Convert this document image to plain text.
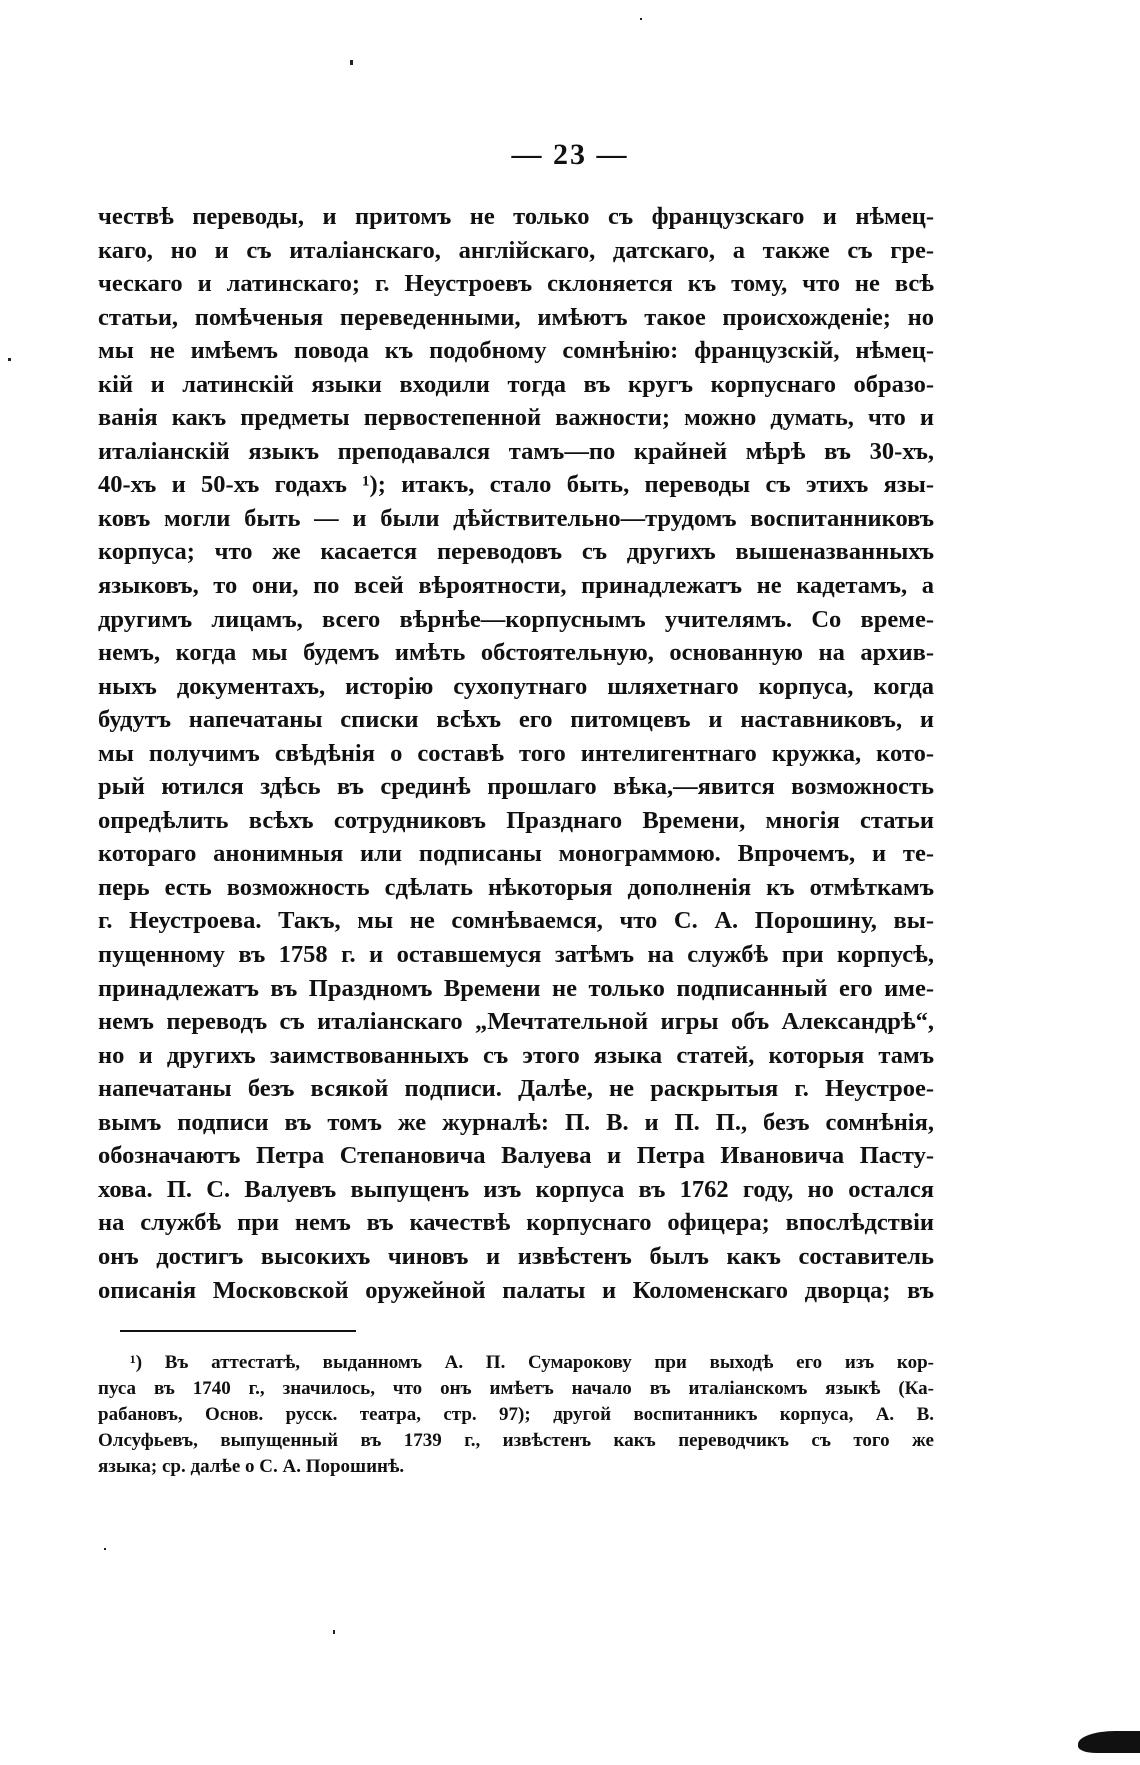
— 23 —
чествѣ переводы, и притомъ не только съ французскаго и нѣмец-
каго, но и съ италіанскаго, англійскаго, датскаго, а также съ гре-
ческаго и латинскаго; г. Неустроевъ склоняется къ тому, что не всѣ
статьи, помѣченыя переведенными, имѣютъ такое происхожденіе; но
мы не имѣемъ повода къ подобному сомнѣнію: французскій, нѣмец-
кій и латинскій языки входили тогда въ кругъ корпуснаго образо-
ванія какъ предметы первостепенной важности; можно думать, что и
италіанскій языкъ преподавался тамъ—по крайней мѣрѣ въ 30-хъ,
40-хъ и 50-хъ годахъ ¹); итакъ, стало быть, переводы съ этихъ язы-
ковъ могли быть — и были дѣйствительно—трудомъ воспитанниковъ
корпуса; что же касается переводовъ съ другихъ вышеназванныхъ
языковъ, то они, по всей вѣроятности, принадлежатъ не кадетамъ, а
другимъ лицамъ, всего вѣрнѣе—корпуснымъ учителямъ. Со време-
немъ, когда мы будемъ имѣть обстоятельную, основанную на архив-
ныхъ документахъ, исторію сухопутнаго шляхетнаго корпуса, когда
будутъ напечатаны списки всѣхъ его питомцевъ и наставниковъ, и
мы получимъ свѣдѣнія о составѣ того интелигентнаго кружка, кото-
рый ютился здѣсь въ срединѣ прошлаго вѣка,—явится возможность
опредѣлить всѣхъ сотрудниковъ Празднаго Времени, многія статьи
котораго анонимныя или подписаны монограммою. Впрочемъ, и те-
перь есть возможность сдѣлать нѣкоторыя дополненія къ отмѣткамъ
г. Неустроева. Такъ, мы не сомнѣваемся, что С. А. Порошину, вы-
пущенному въ 1758 г. и оставшемуся затѣмъ на службѣ при корпусѣ,
принадлежатъ въ Праздномъ Времени не только подписанный его име-
немъ переводъ съ италіанскаго „Мечтательной игры объ Александрѣ“,
но и другихъ заимствованныхъ съ этого языка статей, которыя тамъ
напечатаны безъ всякой подписи. Далѣе, не раскрытыя г. Неустрое-
вымъ подписи въ томъ же журналѣ: П. В. и П. П., безъ сомнѣнія,
обозначаютъ Петра Степановича Валуева и Петра Ивановича Пасту-
хова. П. С. Валуевъ выпущенъ изъ корпуса въ 1762 году, но остался
на службѣ при немъ въ качествѣ корпуснаго офицера; впослѣдствіи
онъ достигъ высокихъ чиновъ и извѣстенъ былъ какъ составитель
описанія Московской оружейной палаты и Коломенскаго дворца; въ
¹) Въ аттестатѣ, выданномъ А. П. Сумарокову при выходѣ его изъ кор-
пуса въ 1740 г., значилось, что онъ имѣетъ начало въ италіанскомъ языкѣ (Ка-
рабановъ, Основ. русск. театра, стр. 97); другой воспитанникъ корпуса, А. В.
Олсуфьевъ, выпущенный въ 1739 г., извѣстенъ какъ переводчикъ съ того же
языка; ср. далѣе о С. А. Порошинѣ.
